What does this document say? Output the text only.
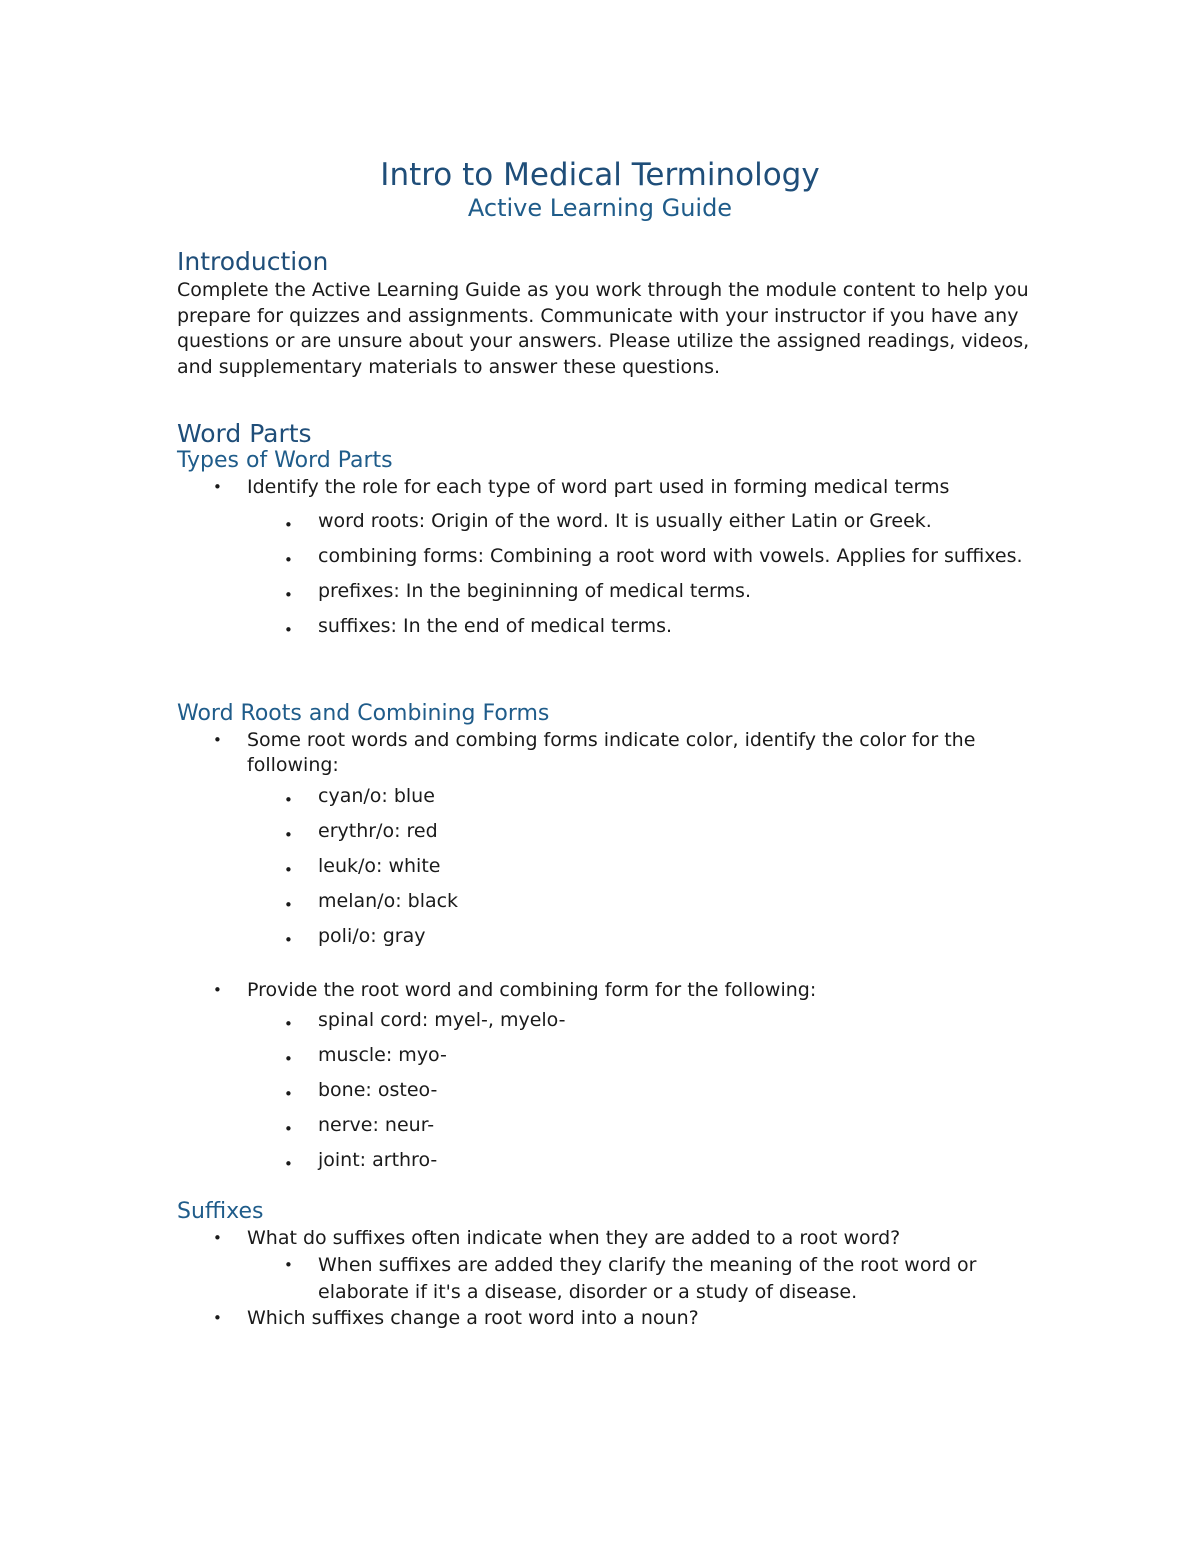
Intro to Medical Terminology
Active Learning Guide
Introduction

Complete the Active Learning Guide as you work through the module content to help you prepare for quizzes and assignments. Communicate with your instructor if you have any questions or are unsure about your answers. Please utilize the assigned readings, videos, and supplementary materials to answer these questions.

Word Parts
Types of Word Parts
• Identify the role for each type of word part used in forming medical terms
• word roots: Origin of the word. It is usually either Latin or Greek.
• combining forms: Combining a root word with vowels. Applies for suffixes.
• prefixes: In the begininning of medical terms.
• suffixes: In the end of medical terms.
Word Roots and Combining Forms
• Some root words and combing forms indicate color, identify the color for the following:
• cyan/o: blue
• erythr/o: red
• leuk/o: white
• melan/o: black
• poli/o: gray
• Provide the root word and combining form for the following:
• spinal cord: myel-, myelo-
• muscle: myo-
• bone: osteo-
• nerve: neur-
• joint: arthro-
Suffixes
• What do suffixes often indicate when they are added to a root word?
• When suffixes are added they clarify the meaning of the root word or elaborate if it's a disease, disorder or a study of disease.
• Which suffixes change a root word into a noun?
